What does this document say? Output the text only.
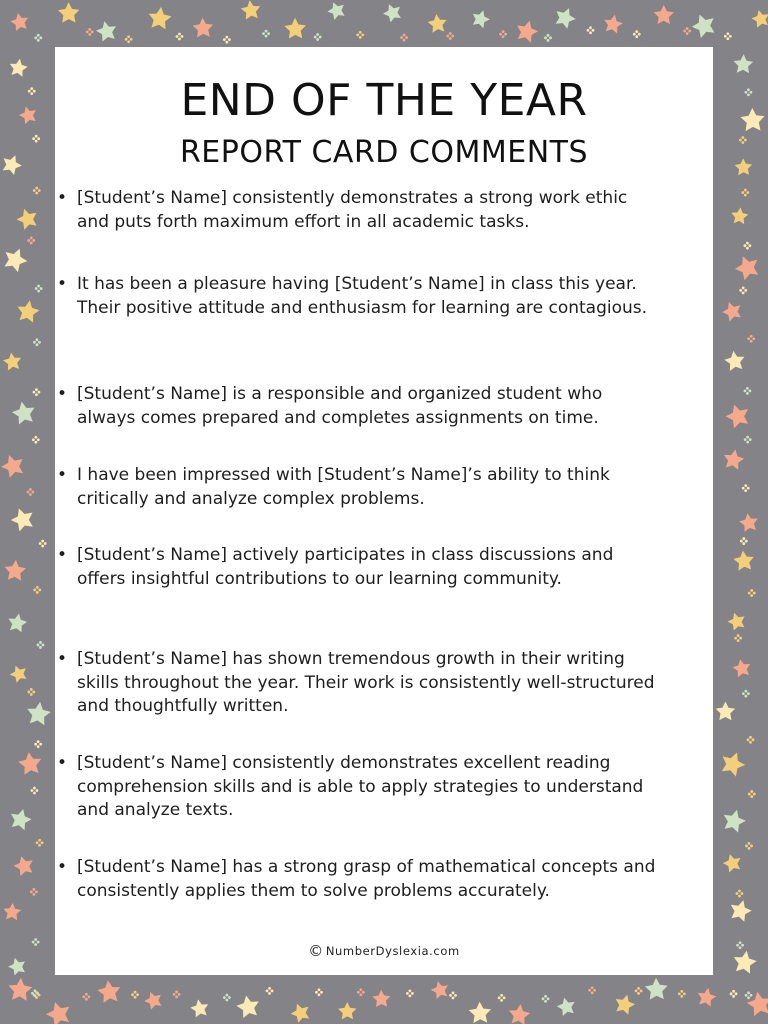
END OF THE YEAR
REPORT CARD COMMENTS
• [Student’s Name] consistently demonstrates a strong work ethic and puts forth maximum effort in all academic tasks.
• It has been a pleasure having [Student’s Name] in class this year. Their positive attitude and enthusiasm for learning are contagious.
• [Student’s Name] is a responsible and organized student who always comes prepared and completes assignments on time.
• I have been impressed with [Student’s Name]’s ability to think critically and analyze complex problems.
• [Student’s Name] actively participates in class discussions and offers insightful contributions to our learning community.
• [Student’s Name] has shown tremendous growth in their writing skills throughout the year. Their work is consistently well-structured and thoughtfully written.
• [Student’s Name] consistently demonstrates excellent reading comprehension skills and is able to apply strategies to understand and analyze texts.
• [Student’s Name] has a strong grasp of mathematical concepts and consistently applies them to solve problems accurately.
© NumberDyslexia.com
